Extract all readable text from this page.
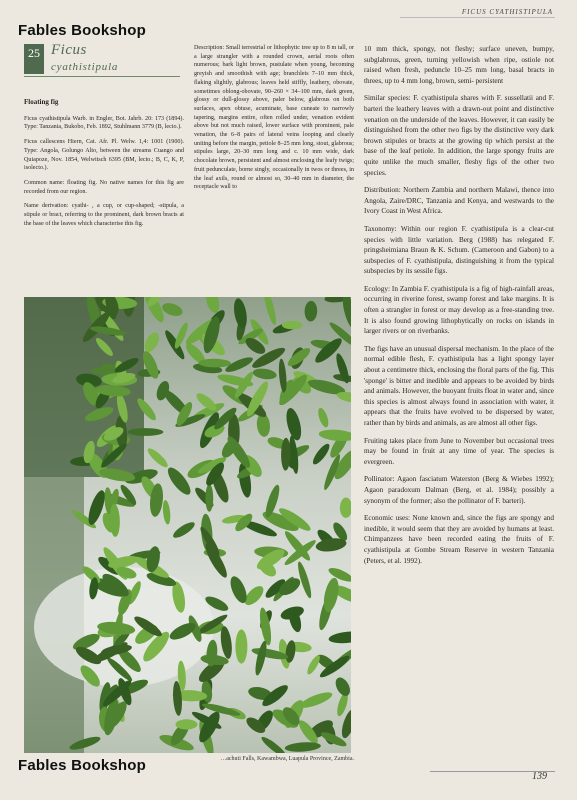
FICUS CYATHISTIPULA
25 Ficus
cyathistipula
Floating fig

Ficus cyathistipula Warb. in Engler, Bot. Jahrb. 20: 173 (1894). Type: Tanzania, Bukobo, Feb. 1892, Stuhlmann 3779 (B, lecto.).

Ficus callescens Hiern, Cat. Afr. Pl. Welw. 1,4: 1001 (1900). Type: Angola, Golungo Alto, between the streams Cuango and Quiapoze, Nov. 1854, Welwitsch 6395 (BM, lecto.; B, C, K, P, isolecto.).

Common name: floating fig. No native names for this fig are recorded from our region.

Name derivation: cyathi- , a cup, or cup-shaped; -stipula, a stipule or bract, referring to the prominent, dark brown bracts at the base of the leaves which characterise this fig.

Description: Small terrestrial or lithophytic tree up to 8 m tall, or a large strangler with a rounded crown, aerial roots often numerous; bark light brown, pustulate when young, becoming greyish and smoothish with age; branchlets 7–10 mm thick, flaking slightly, glabrous; leaves held stiffly, leathery, obovate, sometimes oblong-obovate, 90–260 × 34–100 mm, dark green, glossy or dull-glossy above, paler below, glabrous on both surfaces, apex obtuse, acuminate, base cuneate to narrowly tapering, margins entire, often rolled under, venation evident above but not much raised, lower surface with prominent, pale venation, the 6–8 pairs of lateral veins looping and clearly uniting before the margin, petiole 8–25 mm long, stout, glabrous; stipules large, 20–30 mm long and c. 10 mm wide, dark chocolate brown, persistent and almost enclosing the leafy twigs; fruit pedunculate, borne singly, occasionally in twos or threes, in the leaf axils, round or almost so, 30–40 mm in diameter, the receptacle wall to

10 mm thick, spongy, not fleshy; surface uneven, bumpy, subglabrous, green, turning yellowish when ripe, ostiole not raised when fresh, peduncle 10–25 mm long, basal bracts in threes, up to 4 mm long, brown, semi- persistent

Similar species: F. cyathistipula shares with F. sussellatii and F. barteri the leathery leaves with a drawn-out point and distinctive venation on the underside of the leaves. However, it can easily be distinguished from the other two figs by the distinctive very dark brown stipules or bracts at the growing tip which persist at the base of the leaf petiole. In addition, the large spongy fruits are quite unlike the much smaller, fleshy figs of the other two species.

Distribution: Northern Zambia and northern Malawi, thence into Angola, Zaire/DRC, Tanzania and Kenya, and westwards to the Ivory Coast in West Africa.

Taxonomy: Within our region F. cyathistipula is a clear-cut species with little variation. Berg (1988) has relegated F. pringsheimiana Braun & K. Schum. (Cameroon and Gabon) to a subspecies of F. cyathistipula, distinguishing it from the typical subspecies by its sessile figs.

Ecology: In Zambia F. cyathistipula is a fig of high-rainfall areas, occurring in riverine forest, swamp forest and lake margins. It is often a strangler in forest or may develop as a free-standing tree. It is also found growing lithophytically on rocks on islands in larger rivers or on riverbanks.

The figs have an unusual dispersal mechanism. In the place of the normal edible flesh, F. cyathistipula has a light spongy layer about a centimetre thick, enclosing the floral parts of the fig. This 'sponge' is bitter and inedible and appears to be avoided by birds and animals. However, the buoyant fruits float in water and, since this species is almost always found in association with water, it appears that the fruits have evolved to be dispersed by water, rather than by birds and animals, as are almost all other figs.

Fruiting takes place from June to November but occasional trees may be found in fruit at any time of year. The species is evergreen.

Pollinator: Agaon fasciatum Waterston (Berg & Wiebes 1992); Agaon paradoxum Dalman (Berg, et al. 1984); possibly a synonym of the former; also the pollinator of F. barteri).

Economic uses: None known and, since the figs are spongy and inedible, it would seem that they are avoided by humans at least. Chimpanzees have been recorded eating the fruits of F. cyathistipula at Gombe Stream Reserve in western Tanzania (Peters, et al. 1992).

…achuti Falls, Kawambwa, Luapula Province, Zambia.
139
Fables Bookshop
Fables Bookshop
